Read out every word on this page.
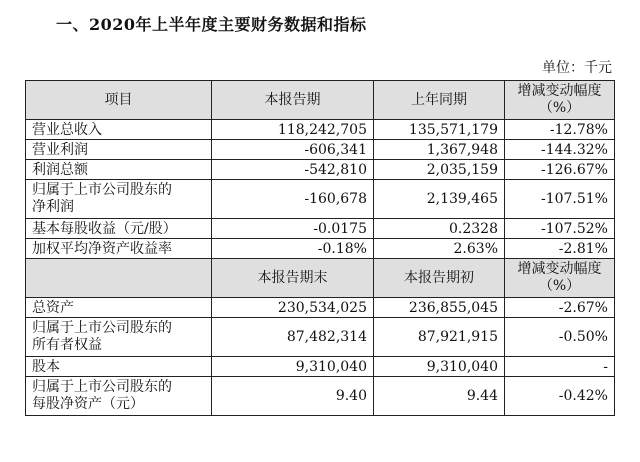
一、2020年上半年度主要财务数据和指标
单位：千元
项目	本报告期	上年同期	增减变动幅度
（%）
营业总收入	118,242,705	135,571,179	-12.78%
营业利润	-606,341	1,367,948	-144.32%
利润总额	-542,810	2,035,159	-126.67%
归属于上市公司股东的
净利润	-160,678	2,139,465	-107.51%
基本每股收益（元/股）	-0.0175	0.2328	-107.52%
加权平均净资产收益率	-0.18%	2.63%	-2.81%
	本报告期末	本报告期初	增减变动幅度
（%）
总资产	230,534,025	236,855,045	-2.67%
归属于上市公司股东的
所有者权益	87,482,314	87,921,915	-0.50%
股本	9,310,040	9,310,040	-
归属于上市公司股东的
每股净资产（元）	9.40	9.44	-0.42%
